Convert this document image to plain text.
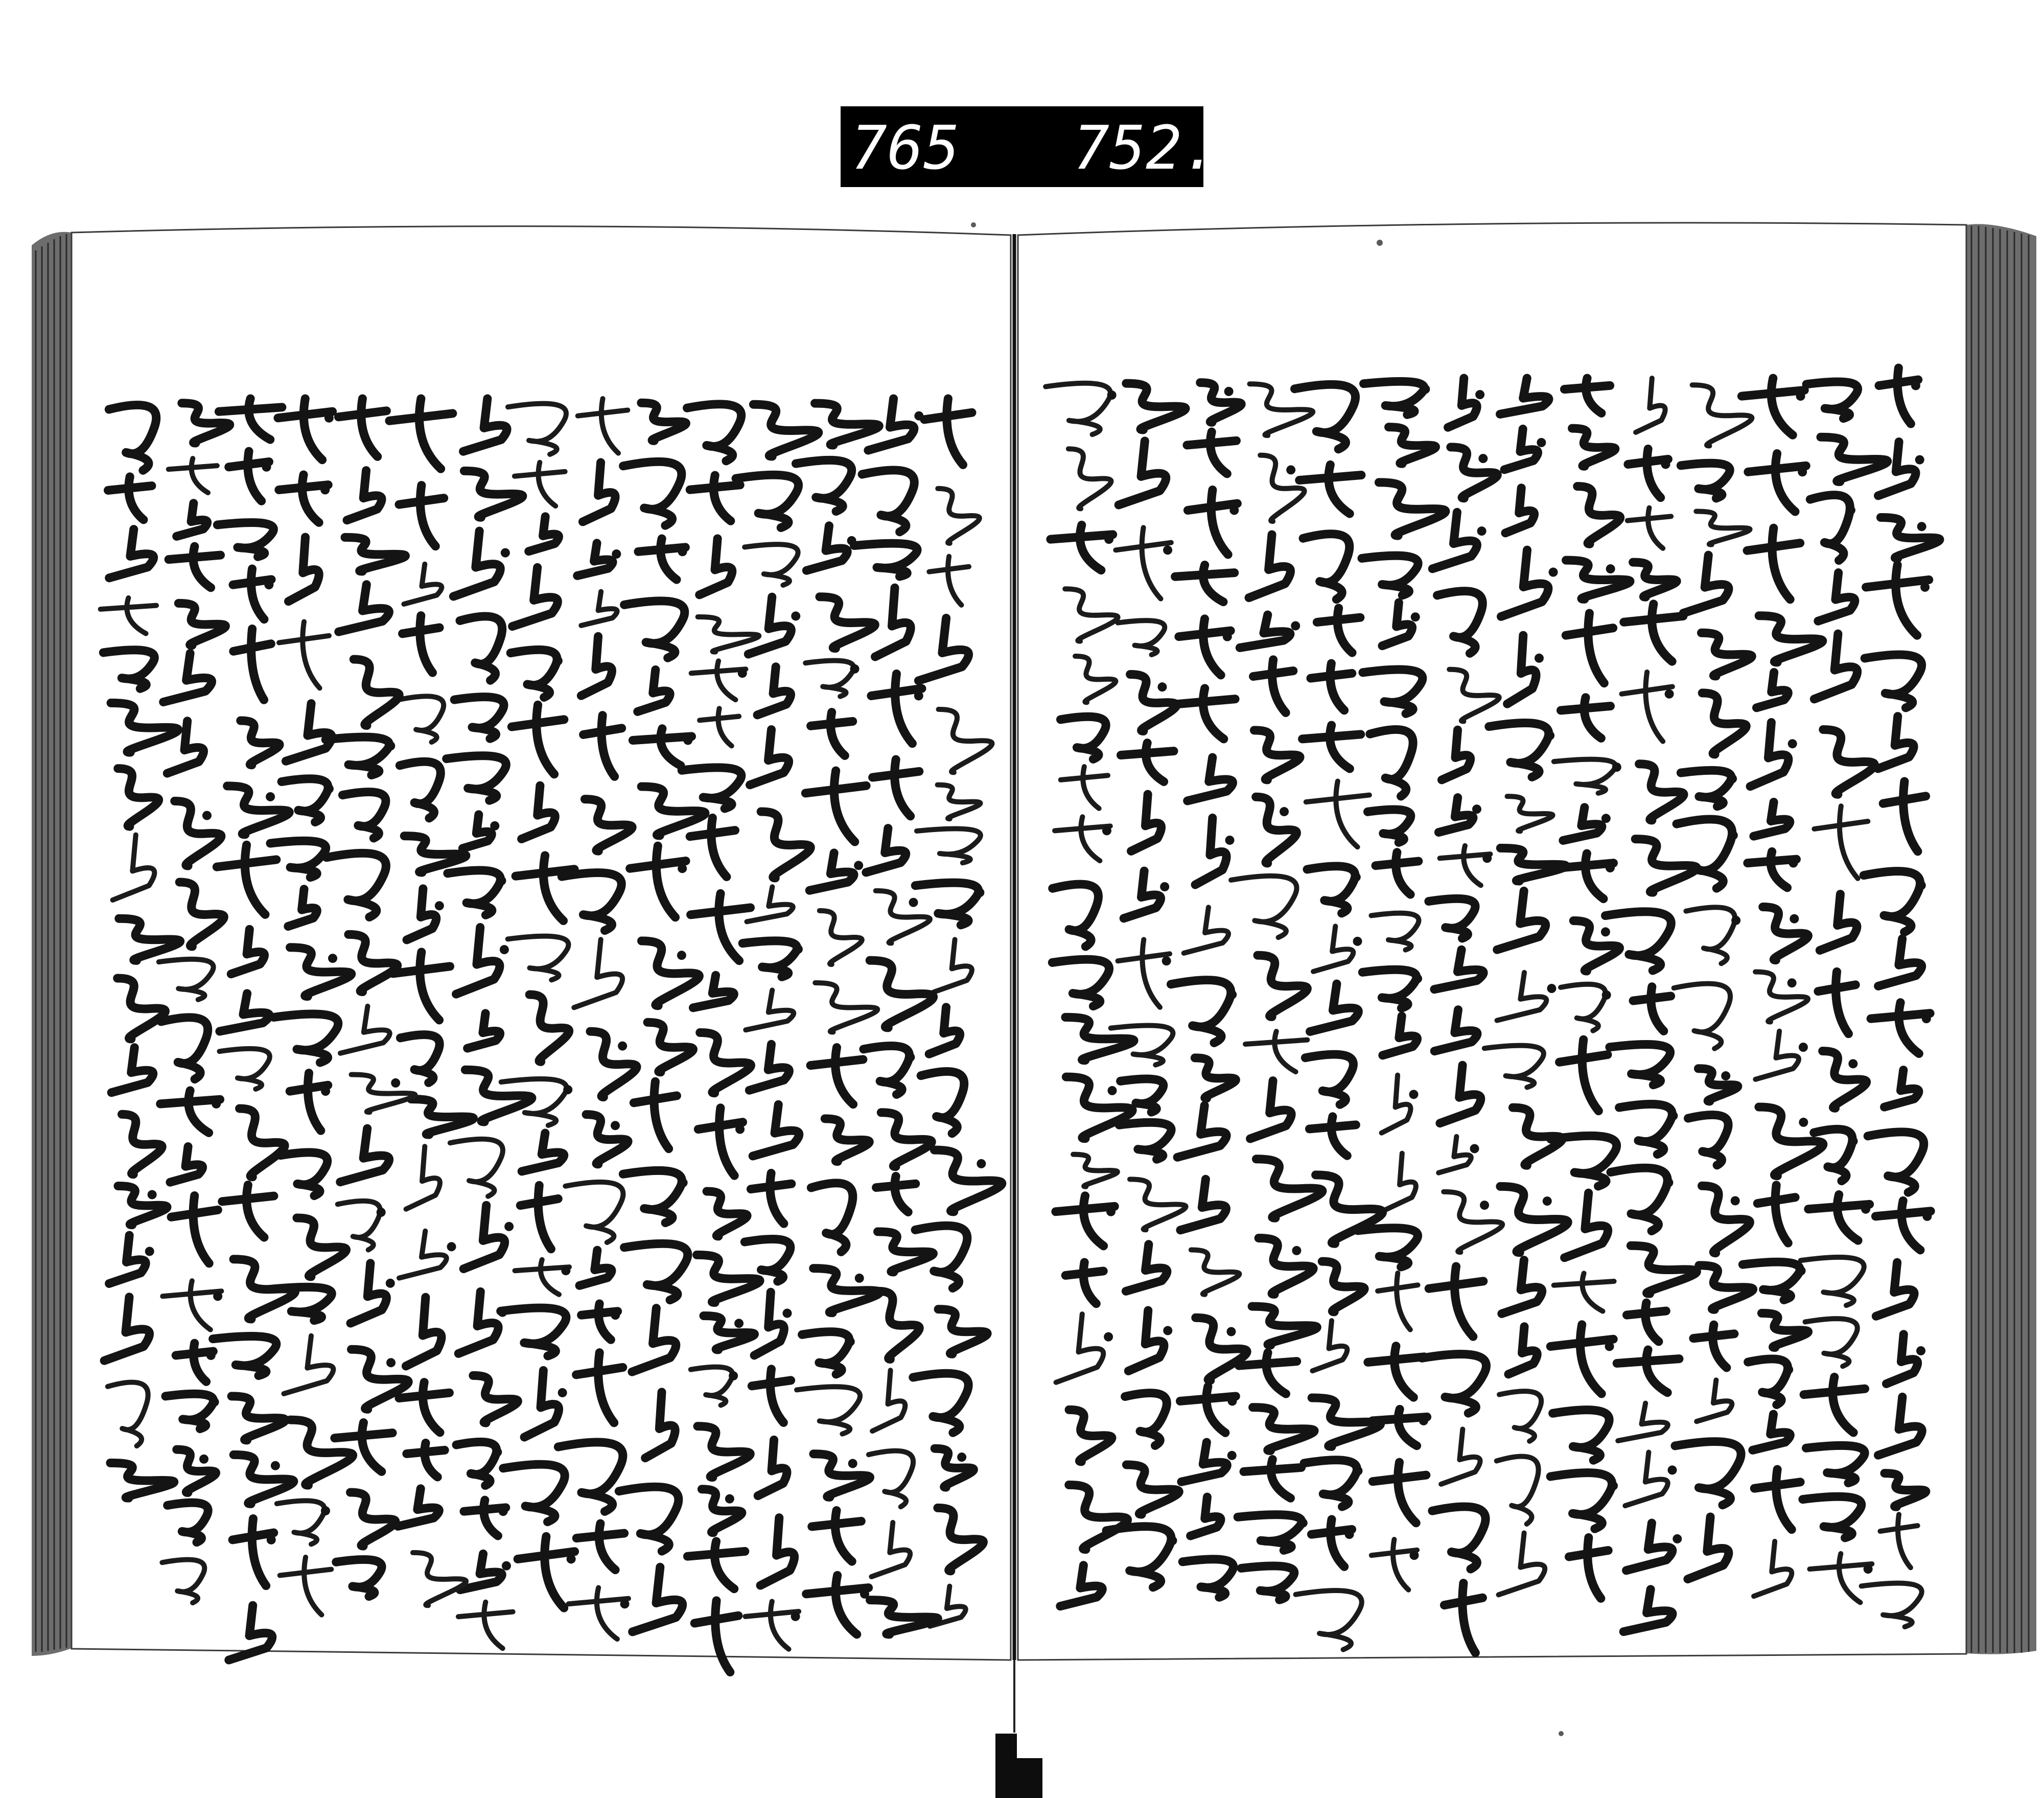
765 752.
